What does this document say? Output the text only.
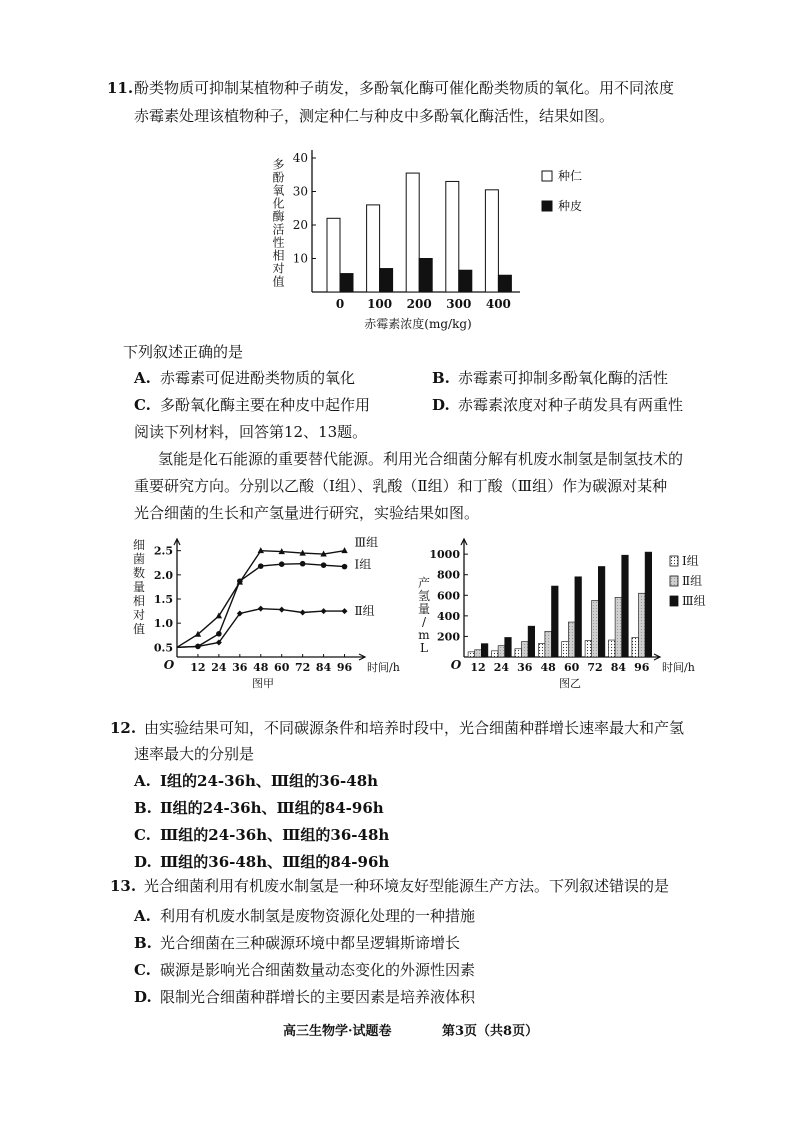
11. 酚类物质可抑制某植物种子萌发，多酚氧化酶可催化酚类物质的氧化。用不同浓度
赤霉素处理该植物种子，测定种仁与种皮中多酚氧化酶活性，结果如图。
10
20
30
40
多酚氧化酶活性相对值
0 100 200 300 400
赤霉素浓度(mg/kg)
种仁
种皮
下列叙述正确的是
A. 赤霉素可促进酚类物质的氧化	B. 赤霉素可抑制多酚氧化酶的活性
C. 多酚氧化酶主要在种皮中起作用	D. 赤霉素浓度对种子萌发具有两重性
阅读下列材料，回答第12、13题。
氢能是化石能源的重要替代能源。利用光合细菌分解有机废水制氢是制氢技术的
重要研究方向。分别以乙酸（Ⅰ组）、乳酸（Ⅱ组）和丁酸（Ⅲ组）作为碳源对某种
光合细菌的生长和产氢量进行研究，实验结果如图。
O
0.5
1.0
1.5
2.0
2.5
12 24 36 48 60 72 84 96 时间/h
图甲
细
菌
数
量
相
对
值
Ⅲ组
Ⅰ组
Ⅱ组
O
200
400
600
800
1000
产
氢
量
/
m
L
12 24 36 48 60 72 84 96 时间/h
图乙
Ⅰ组
Ⅱ组
Ⅲ组
12. 由实验结果可知，不同碳源条件和培养时段中，光合细菌种群增长速率最大和产氢
速率最大的分别是
A. Ⅰ组的24-36h、Ⅲ组的36-48h
B. Ⅱ组的24-36h、Ⅲ组的84-96h
C. Ⅲ组的24-36h、Ⅲ组的36-48h
D. Ⅲ组的36-48h、Ⅲ组的84-96h
13. 光合细菌利用有机废水制氢是一种环境友好型能源生产方法。下列叙述错误的是
A. 利用有机废水制氢是废物资源化处理的一种措施
B. 光合细菌在三种碳源环境中都呈逻辑斯谛增长
C. 碳源是影响光合细菌数量动态变化的外源性因素
D. 限制光合细菌种群增长的主要因素是培养液体积
高三生物学·试题卷	第3页（共8页）
